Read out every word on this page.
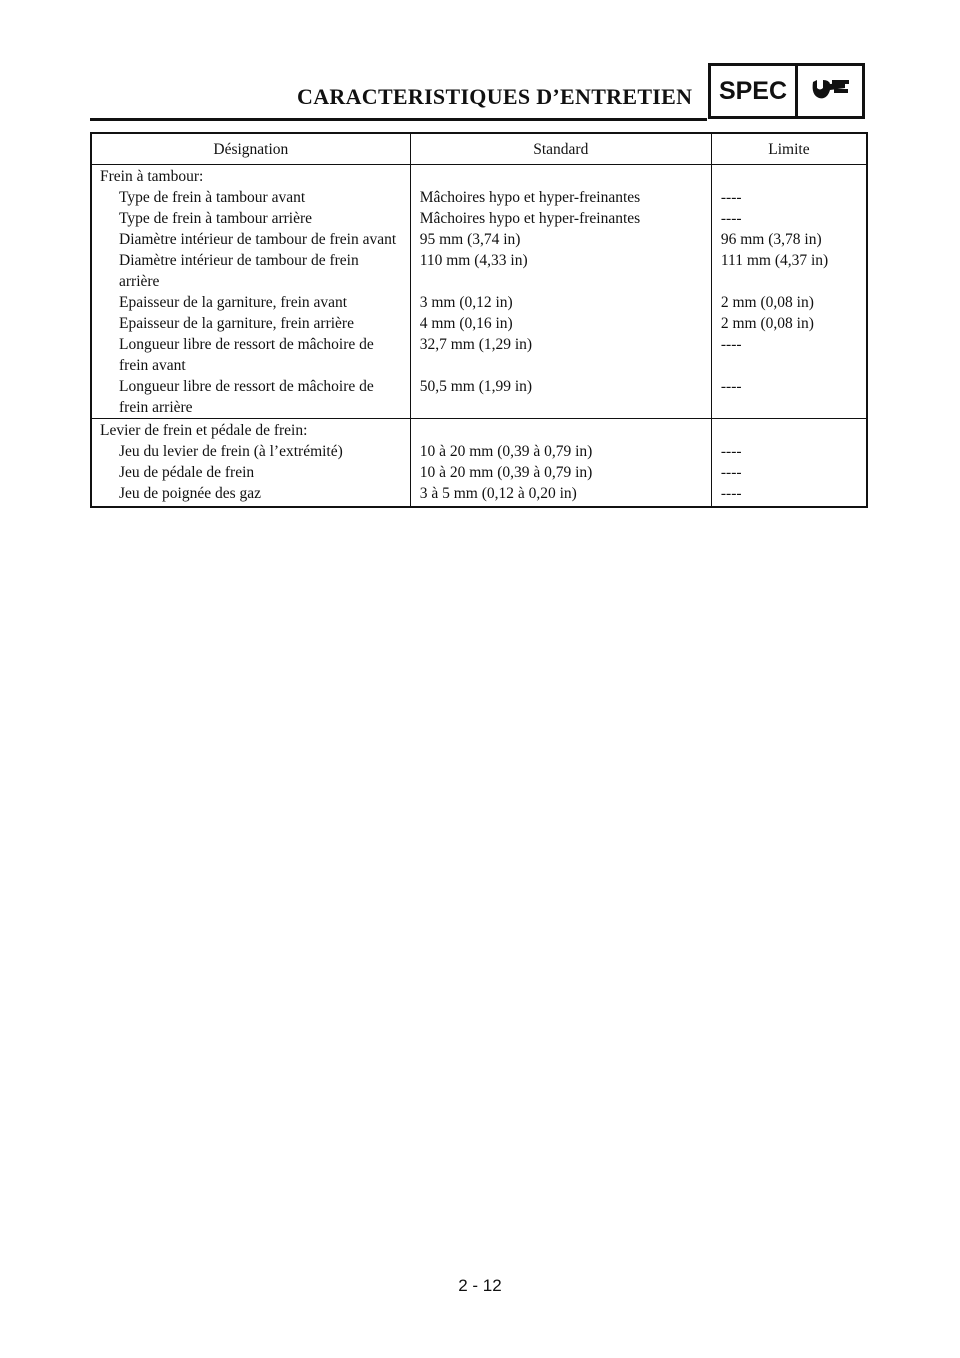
CARACTERISTIQUES D’ENTRETIEN	SPEC
Désignation	Standard	Limite
Frein à tambour:		
Type de frein à tambour avant	Mâchoires hypo et hyper-freinantes	----
Type de frein à tambour arrière	Mâchoires hypo et hyper-freinantes	----
Diamètre intérieur de tambour de frein avant	95 mm (3,74 in)	96 mm (3,78 in)
Diamètre intérieur de tambour de frein arrière	110 mm (4,33 in)	111 mm (4,37 in)
Epaisseur de la garniture, frein avant	3 mm (0,12 in)	2 mm (0,08 in)
Epaisseur de la garniture, frein arrière	4 mm (0,16 in)	2 mm (0,08 in)
Longueur libre de ressort de mâchoire de frein avant	32,7 mm (1,29 in)	----
Longueur libre de ressort de mâchoire de frein arrière	50,5 mm (1,99 in)	----
Levier de frein et pédale de frein:		
Jeu du levier de frein (à l’extrémité)	10 à 20 mm (0,39 à 0,79 in)	----
Jeu de pédale de frein	10 à 20 mm (0,39 à 0,79 in)	----
Jeu de poignée des gaz	3 à 5 mm (0,12 à 0,20 in)	----
2 - 12
